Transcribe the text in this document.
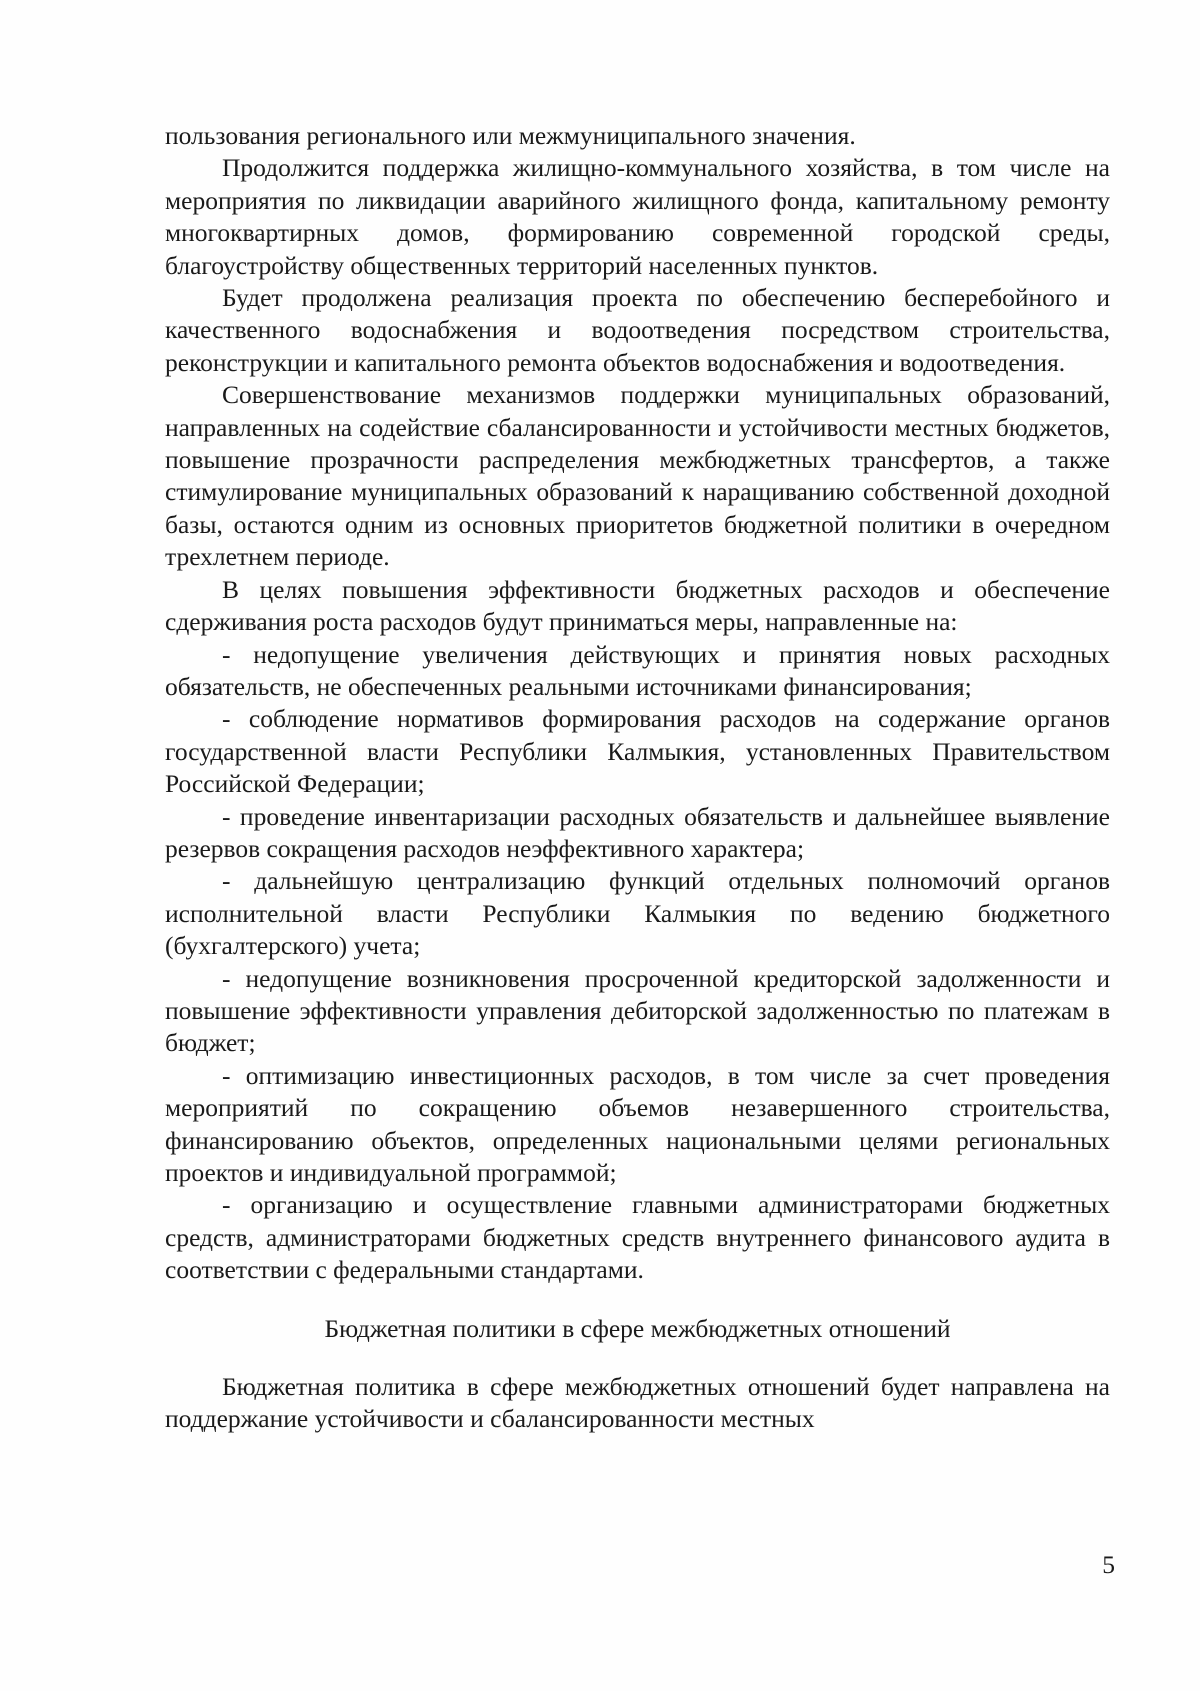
пользования регионального или межмуниципального значения.

Продолжится поддержка жилищно-коммунального хозяйства, в том числе на мероприятия по ликвидации аварийного жилищного фонда, капитальному ремонту многоквартирных домов, формированию современной городской среды, благоустройству общественных территорий населенных пунктов.

Будет продолжена реализация проекта по обеспечению бесперебойного и качественного водоснабжения и водоотведения посредством строительства, реконструкции и капитального ремонта объектов водоснабжения и водоотведения.

Совершенствование механизмов поддержки муниципальных образований, направленных на содействие сбалансированности и устойчивости местных бюджетов, повышение прозрачности распределения межбюджетных трансфертов, а также стимулирование муниципальных образований к наращиванию собственной доходной базы, остаются одним из основных приоритетов бюджетной политики в очередном трехлетнем периоде.

В целях повышения эффективности бюджетных расходов и обеспечение сдерживания роста расходов будут приниматься меры, направленные на:

- недопущение увеличения действующих и принятия новых расходных обязательств, не обеспеченных реальными источниками финансирования;

- соблюдение нормативов формирования расходов на содержание органов государственной власти Республики Калмыкия, установленных Правительством Российской Федерации;

- проведение инвентаризации расходных обязательств и дальнейшее выявление резервов сокращения расходов неэффективного характера;

- дальнейшую централизацию функций отдельных полномочий органов исполнительной власти Республики Калмыкия по ведению бюджетного (бухгалтерского) учета;

- недопущение возникновения просроченной кредиторской задолженности и повышение эффективности управления дебиторской задолженностью по платежам в бюджет;

- оптимизацию инвестиционных расходов, в том числе за счет проведения мероприятий по сокращению объемов незавершенного строительства, финансированию объектов, определенных национальными целями региональных проектов и индивидуальной программой;

- организацию и осуществление главными администраторами бюджетных средств, администраторами бюджетных средств внутреннего финансового аудита в соответствии с федеральными стандартами.

Бюджетная политики в сфере межбюджетных отношений

Бюджетная политика в сфере межбюджетных отношений будет направлена на поддержание устойчивости и сбалансированности местных

5
